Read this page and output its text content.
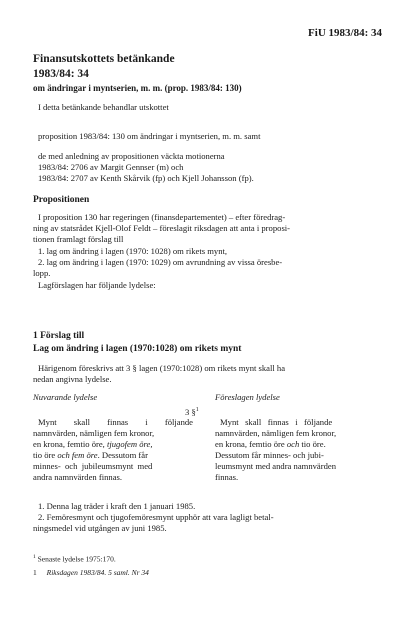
FiU 1983/84: 34
Finansutskottets betänkande
1983/84: 34
om ändringar i myntserien, m. m. (prop. 1983/84: 130)
I detta betänkande behandlar utskottet
proposition 1983/84: 130 om ändringar i myntserien, m. m. samt
de med anledning av propositionen väckta motionerna
1983/84: 2706 av Margit Gennser (m) och
1983/84: 2707 av Kenth Skårvik (fp) och Kjell Johansson (fp).
Propositionen
I proposition 130 har regeringen (finansdepartementet) – efter föredrag-
ning av statsrådet Kjell-Olof Feldt – föreslagit riksdagen att anta i proposi-
tionen framlagt förslag till
1. lag om ändring i lagen (1970: 1028) om rikets mynt,
2. lag om ändring i lagen (1970: 1029) om avrundning av vissa öresbe-
lopp.
Lagförslagen har följande lydelse:
1 Förslag till
Lag om ändring i lagen (1970:1028) om rikets mynt
Härigenom föreskrivs att 3 § lagen (1970:1028) om rikets mynt skall ha
nedan angivna lydelse.
Nuvarande lydelse	Föreslagen lydelse
3 §$^1$
Mynt skall finnas i följande
namnvärden, nämligen fem kronor,
en krona, femtio öre, tjugofem öre,
tio öre och fem öre. Dessutom får
minnes-  och  jubileumsmynt  med
andra namnvärden finnas.
Mynt   skall   finnas   i   följande
namnvärden, nämligen fem kronor,
en krona, femtio öre och tio öre.
Dessutom får minnes- och jubi-
leumsmynt med andra namnvärden
finnas.
1. Denna lag träder i kraft den 1 januari 1985.
2. Femöresmynt och tjugofemöresmynt upphör att vara lagligt betal-
ningsmedel vid utgången av juni 1985.
$^1$ Senaste lydelse 1975:170.
1 Riksdagen 1983/84. 5 saml. Nr 34
